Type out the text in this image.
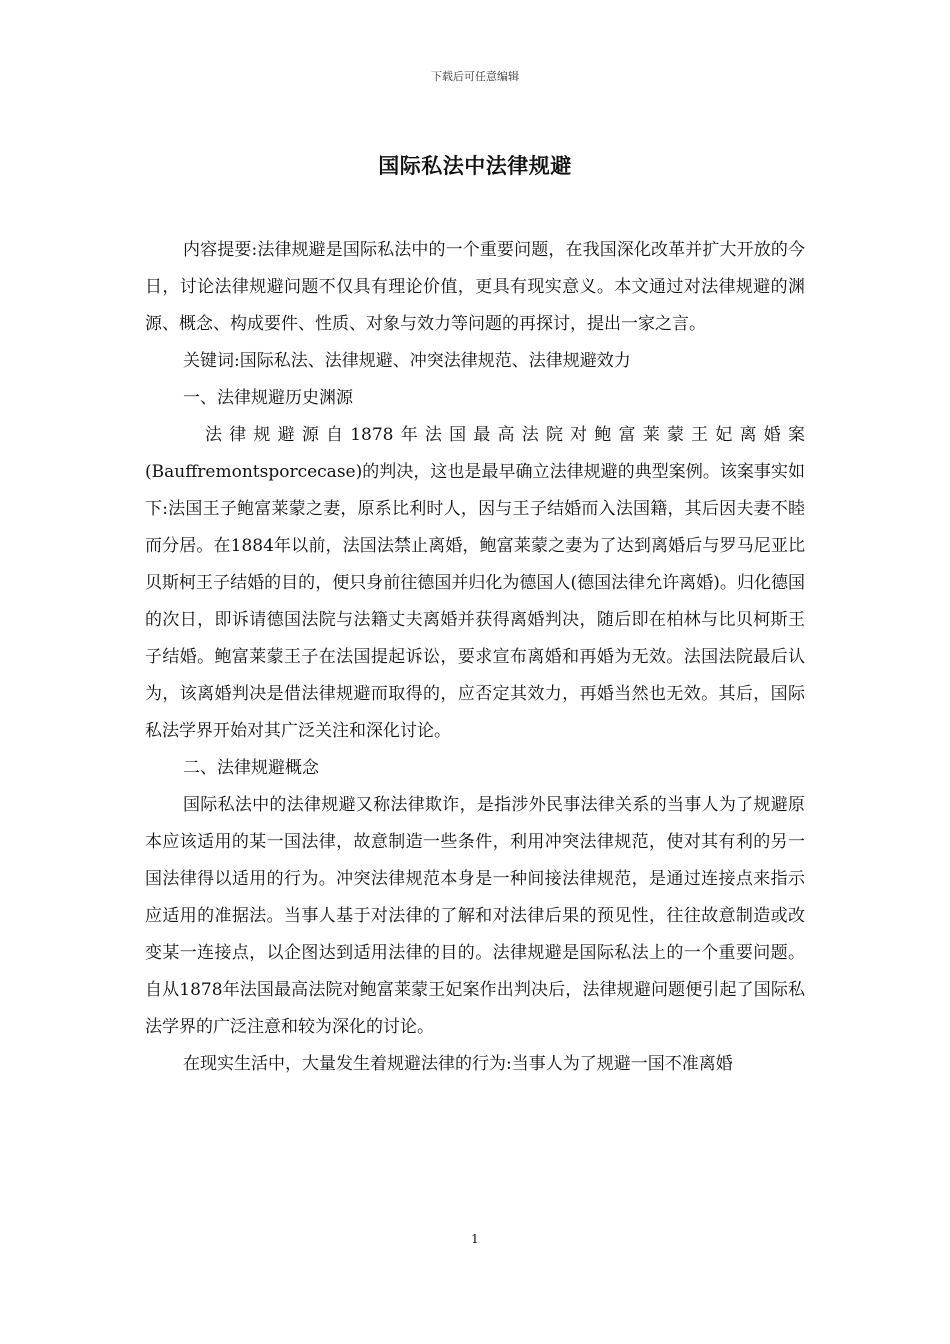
下载后可任意编辑
国际私法中法律规避

内容提要:法律规避是国际私法中的一个重要问题，在我国深化改革并扩大开放的今日，讨论法律规避问题不仅具有理论价值，更具有现实意义。本文通过对法律规避的渊源、概念、构成要件、性质、对象与效力等问题的再探讨，提出一家之言。

关键词:国际私法、法律规避、冲突法律规范、法律规避效力

一、法律规避历史渊源

法律规避源自1878年法国最高法院对鲍富莱蒙王妃离婚案(Bauffremontsporcecase)的判决，这也是最早确立法律规避的典型案例。该案事实如下:法国王子鲍富莱蒙之妻，原系比利时人，因与王子结婚而入法国籍，其后因夫妻不睦而分居。在1884年以前，法国法禁止离婚，鲍富莱蒙之妻为了达到离婚后与罗马尼亚比贝斯柯王子结婚的目的，便只身前往德国并归化为德国人(德国法律允许离婚)。归化德国的次日，即诉请德国法院与法籍丈夫离婚并获得离婚判决，随后即在柏林与比贝柯斯王子结婚。鲍富莱蒙王子在法国提起诉讼，要求宣布离婚和再婚为无效。法国法院最后认为，该离婚判决是借法律规避而取得的，应否定其效力，再婚当然也无效。其后，国际私法学界开始对其广泛关注和深化讨论。

二、法律规避概念

国际私法中的法律规避又称法律欺诈，是指涉外民事法律关系的当事人为了规避原本应该适用的某一国法律，故意制造一些条件，利用冲突法律规范，使对其有利的另一国法律得以适用的行为。冲突法律规范本身是一种间接法律规范，是通过连接点来指示应适用的准据法。当事人基于对法律的了解和对法律后果的预见性，往往故意制造或改变某一连接点，以企图达到适用法律的目的。法律规避是国际私法上的一个重要问题。自从1878年法国最高法院对鲍富莱蒙王妃案作出判决后，法律规避问题便引起了国际私法学界的广泛注意和较为深化的讨论。

在现实生活中，大量发生着规避法律的行为:当事人为了规避一国不准离婚

1
